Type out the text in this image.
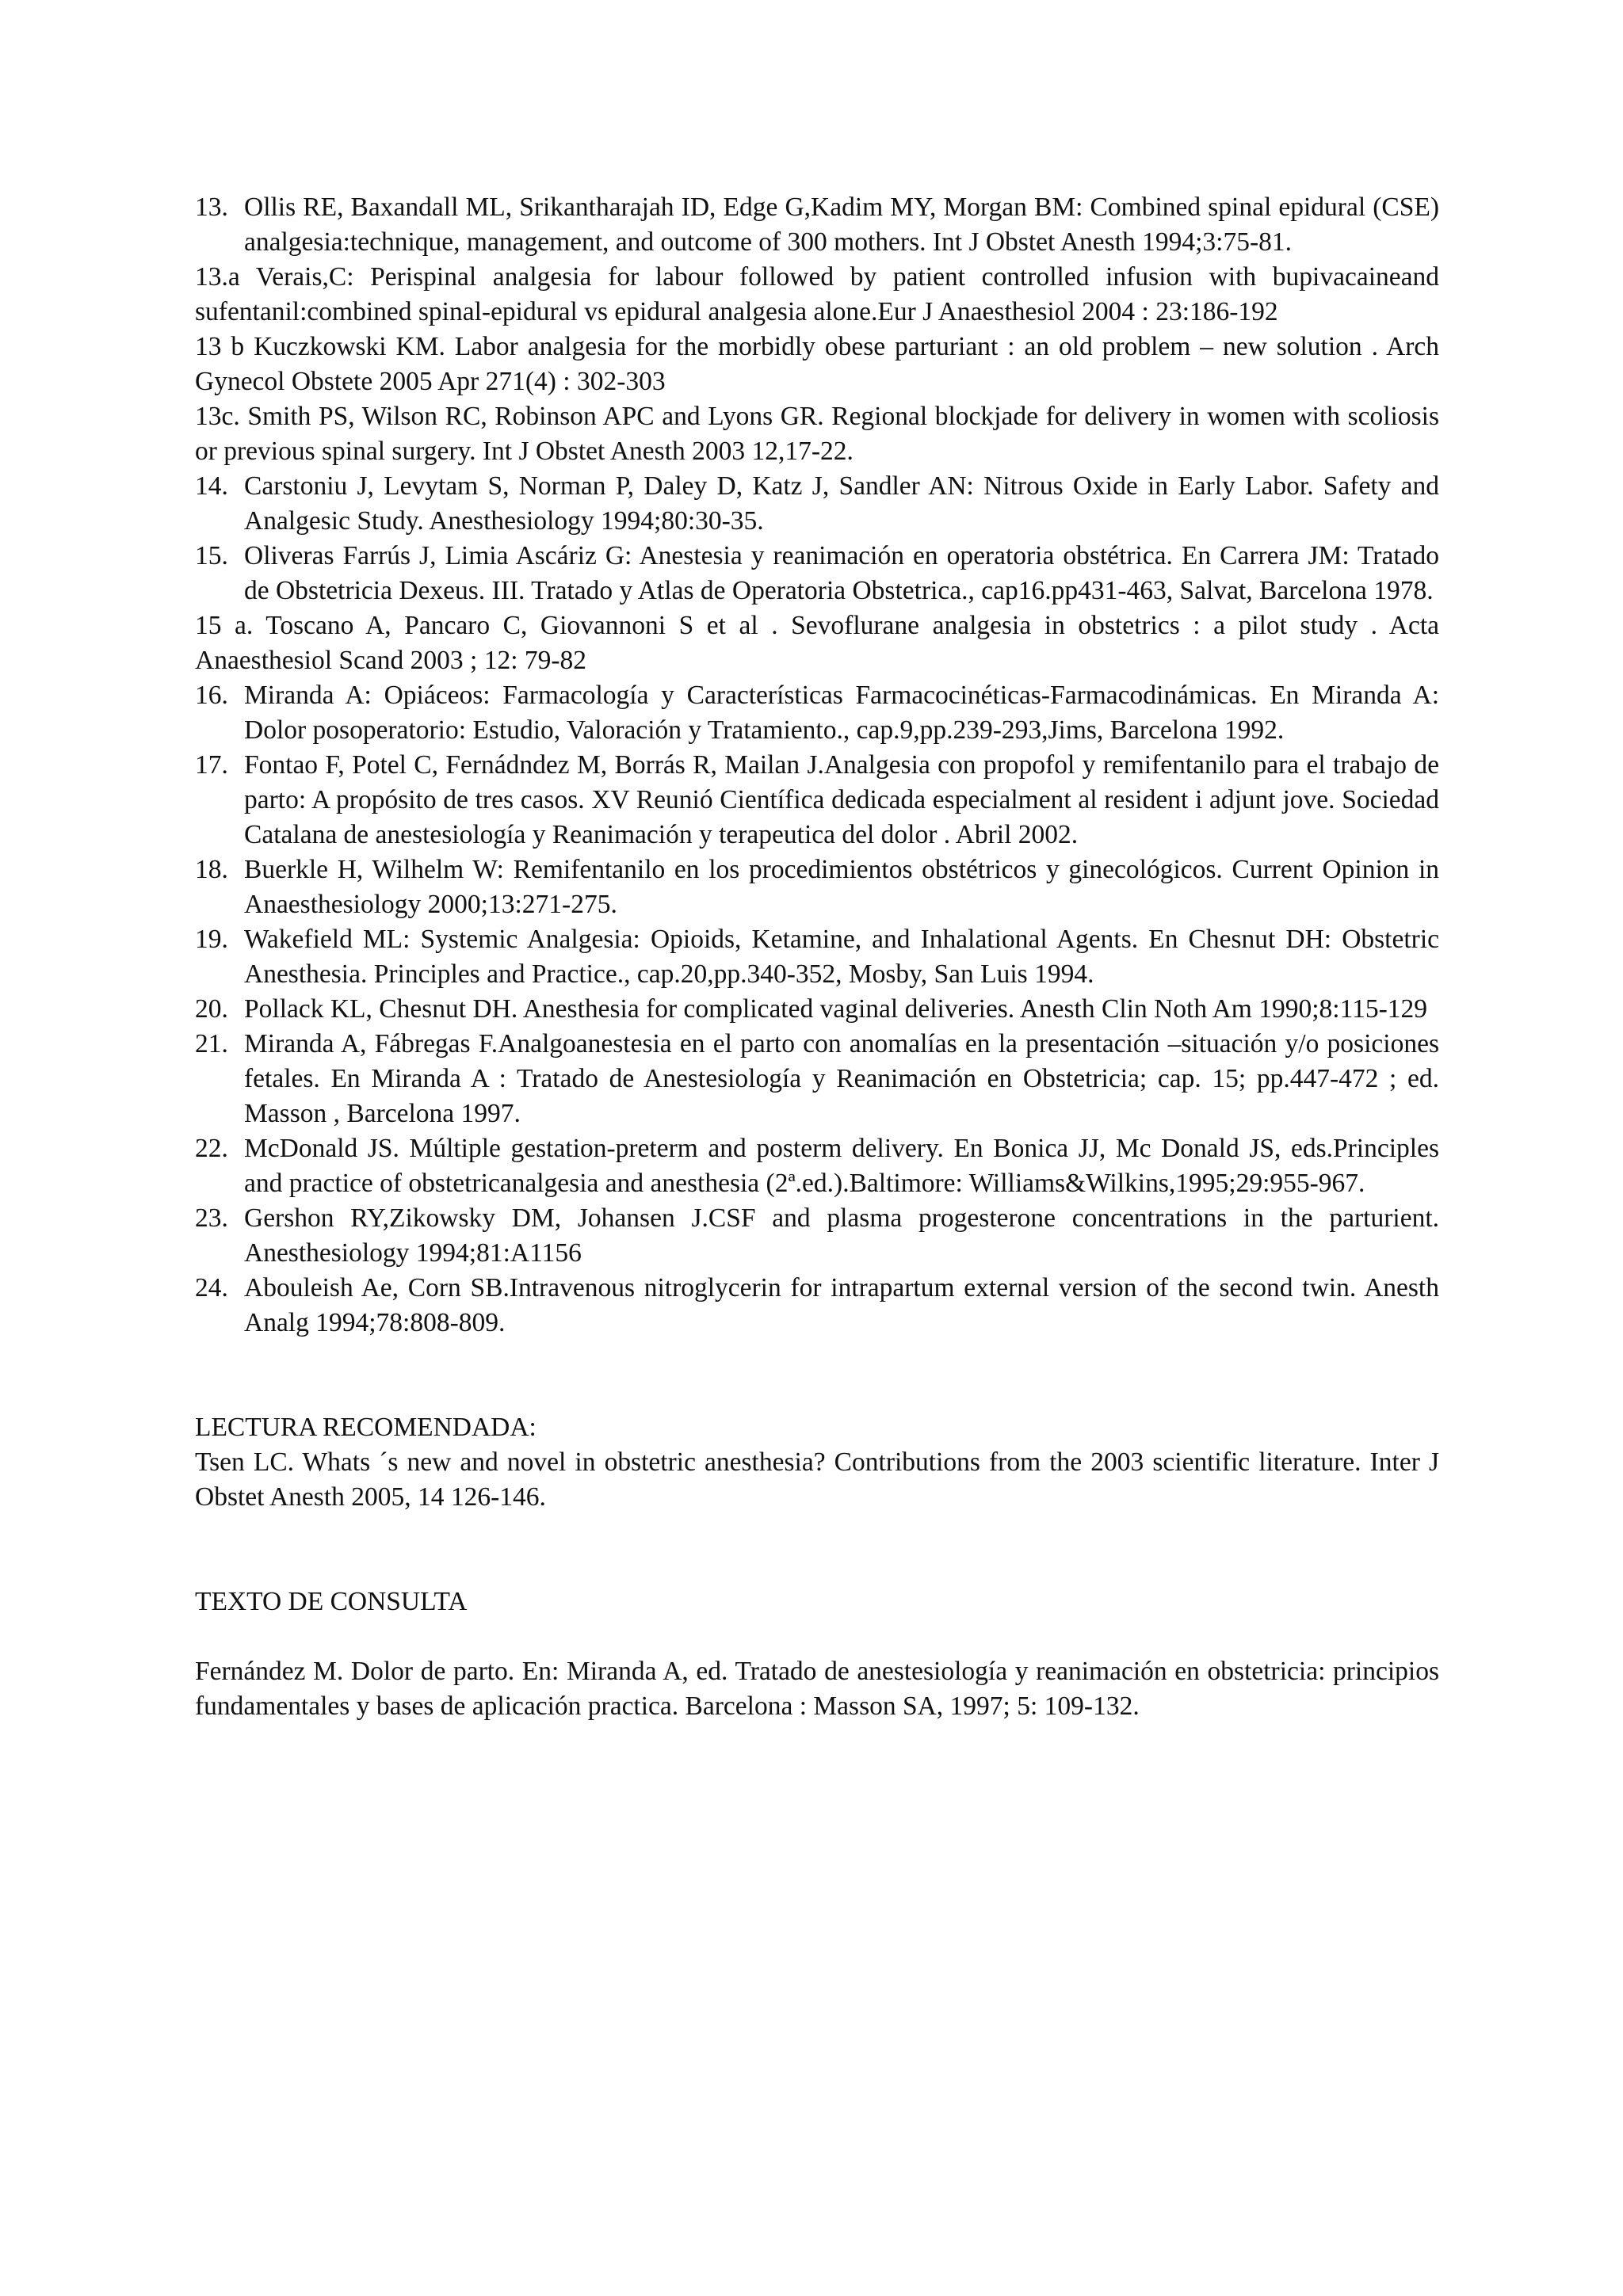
13. Ollis RE, Baxandall ML, Srikantharajah ID, Edge G,Kadim MY, Morgan BM: Combined spinal epidural (CSE) analgesia:technique, management, and outcome of 300 mothers. Int J Obstet Anesth 1994;3:75-81.

13.a Verais,C: Perispinal analgesia for labour followed by patient controlled infusion with bupivacaineand sufentanil:combined spinal-epidural vs epidural analgesia alone.Eur J Anaesthesiol 2004 : 23:186-192

13 b Kuczkowski KM. Labor analgesia for the morbidly obese parturiant : an old problem – new solution . Arch Gynecol Obstete 2005 Apr 271(4) : 302-303

13c. Smith PS, Wilson RC, Robinson APC and Lyons GR. Regional blockjade for delivery in women with scoliosis or previous spinal surgery. Int J Obstet Anesth 2003 12,17-22.

14. Carstoniu J, Levytam S, Norman P, Daley D, Katz J, Sandler AN: Nitrous Oxide in Early Labor. Safety and Analgesic Study. Anesthesiology 1994;80:30-35.

15. Oliveras Farrús J, Limia Ascáriz G: Anestesia y reanimación en operatoria obstétrica. En Carrera JM: Tratado de Obstetricia Dexeus. III. Tratado y Atlas de Operatoria Obstetrica., cap16.pp431-463, Salvat, Barcelona 1978.

15 a. Toscano A, Pancaro C, Giovannoni S et al . Sevoflurane analgesia in obstetrics : a pilot study . Acta Anaesthesiol Scand 2003 ; 12: 79-82

16. Miranda A: Opiáceos: Farmacología y Características Farmacocinéticas-Farmacodinámicas. En Miranda A: Dolor posoperatorio: Estudio, Valoración y Tratamiento., cap.9,pp.239-293,Jims, Barcelona 1992.

17. Fontao F, Potel C, Fernádndez M, Borrás R, Mailan J.Analgesia con propofol y remifentanilo para el trabajo de parto: A propósito de tres casos. XV Reunió Científica dedicada especialment al resident i adjunt jove. Sociedad Catalana de anestesiología y Reanimación y terapeutica del dolor . Abril 2002.

18. Buerkle H, Wilhelm W: Remifentanilo en los procedimientos obstétricos y ginecológicos. Current Opinion in Anaesthesiology 2000;13:271-275.

19. Wakefield ML: Systemic Analgesia: Opioids, Ketamine, and Inhalational Agents. En Chesnut DH: Obstetric Anesthesia. Principles and Practice., cap.20,pp.340-352, Mosby, San Luis 1994.

20. Pollack KL, Chesnut DH. Anesthesia for complicated vaginal deliveries. Anesth Clin Noth Am 1990;8:115-129

21. Miranda A, Fábregas F.Analgoanestesia en el parto con anomalías en la presentación –situación y/o posiciones fetales. En Miranda A : Tratado de Anestesiología y Reanimación en Obstetricia; cap. 15; pp.447-472 ; ed. Masson , Barcelona 1997.

22. McDonald JS. Múltiple gestation-preterm and posterm delivery. En Bonica JJ, Mc Donald JS, eds.Principles and practice of obstetricanalgesia and anesthesia (2ª.ed.).Baltimore: Williams&Wilkins,1995;29:955-967.

23. Gershon RY,Zikowsky DM, Johansen J.CSF and plasma progesterone concentrations in the parturient. Anesthesiology 1994;81:A1156

24. Abouleish Ae, Corn SB.Intravenous nitroglycerin for intrapartum external version of the second twin. Anesth Analg 1994;78:808-809.

LECTURA RECOMENDADA:

Tsen LC. Whats ´s new and novel in obstetric anesthesia? Contributions from the 2003 scientific literature. Inter J Obstet Anesth 2005, 14 126-146.

TEXTO DE CONSULTA

Fernández M. Dolor de parto. En: Miranda A, ed. Tratado de anestesiología y reanimación en obstetricia: principios fundamentales y bases de aplicación practica. Barcelona : Masson SA, 1997; 5: 109-132.
